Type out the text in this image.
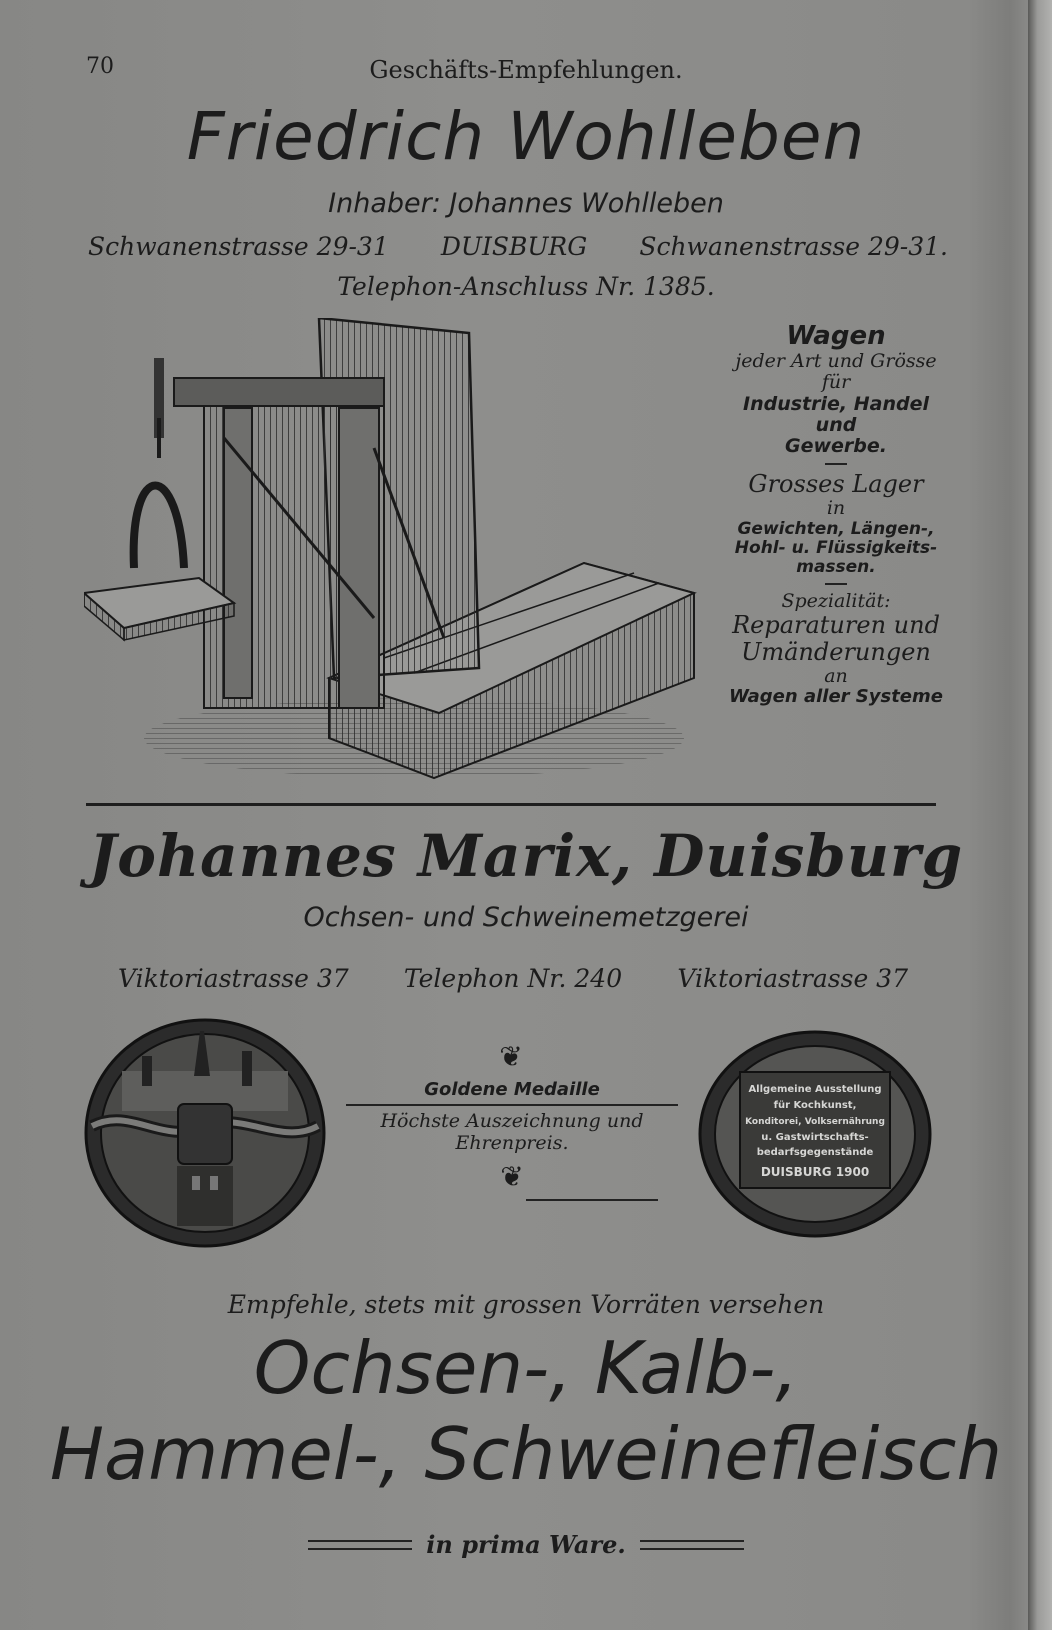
70	Geschäfts-Empfehlungen.
Friedrich Wohlleben
Inhaber: Johannes Wohlleben
Schwanenstrasse 29-31 DUISBURG Schwanenstrasse 29-31.
Telephon-Anschluss Nr. 1385.
Wagen
jeder Art und Grösse
für
Industrie, Handel und
Gewerbe.
Grosses Lager
in
Gewichten, Längen-,
Hohl- u. Flüssigkeits-
massen.
Spezialität:
Reparaturen und
Umänderungen
an
Wagen aller Systeme
Johannes Marix, Duisburg
Ochsen- und Schweinemetzgerei
Viktoriastrasse 37 Telephon Nr. 240 Viktoriastrasse 37
❦
Goldene Medaille
Höchste Auszeichnung und
Ehrenpreis.
❦
Allgemeine Ausstellung
für Kochkunst,
Konditorei, Volksernährung
u. Gastwirtschafts-
bedarfsgegenstände
DUISBURG 1900
Empfehle, stets mit grossen Vorräten versehen
Ochsen-, Kalb-,
Hammel-, Schweinefleisch
in prima Ware.
